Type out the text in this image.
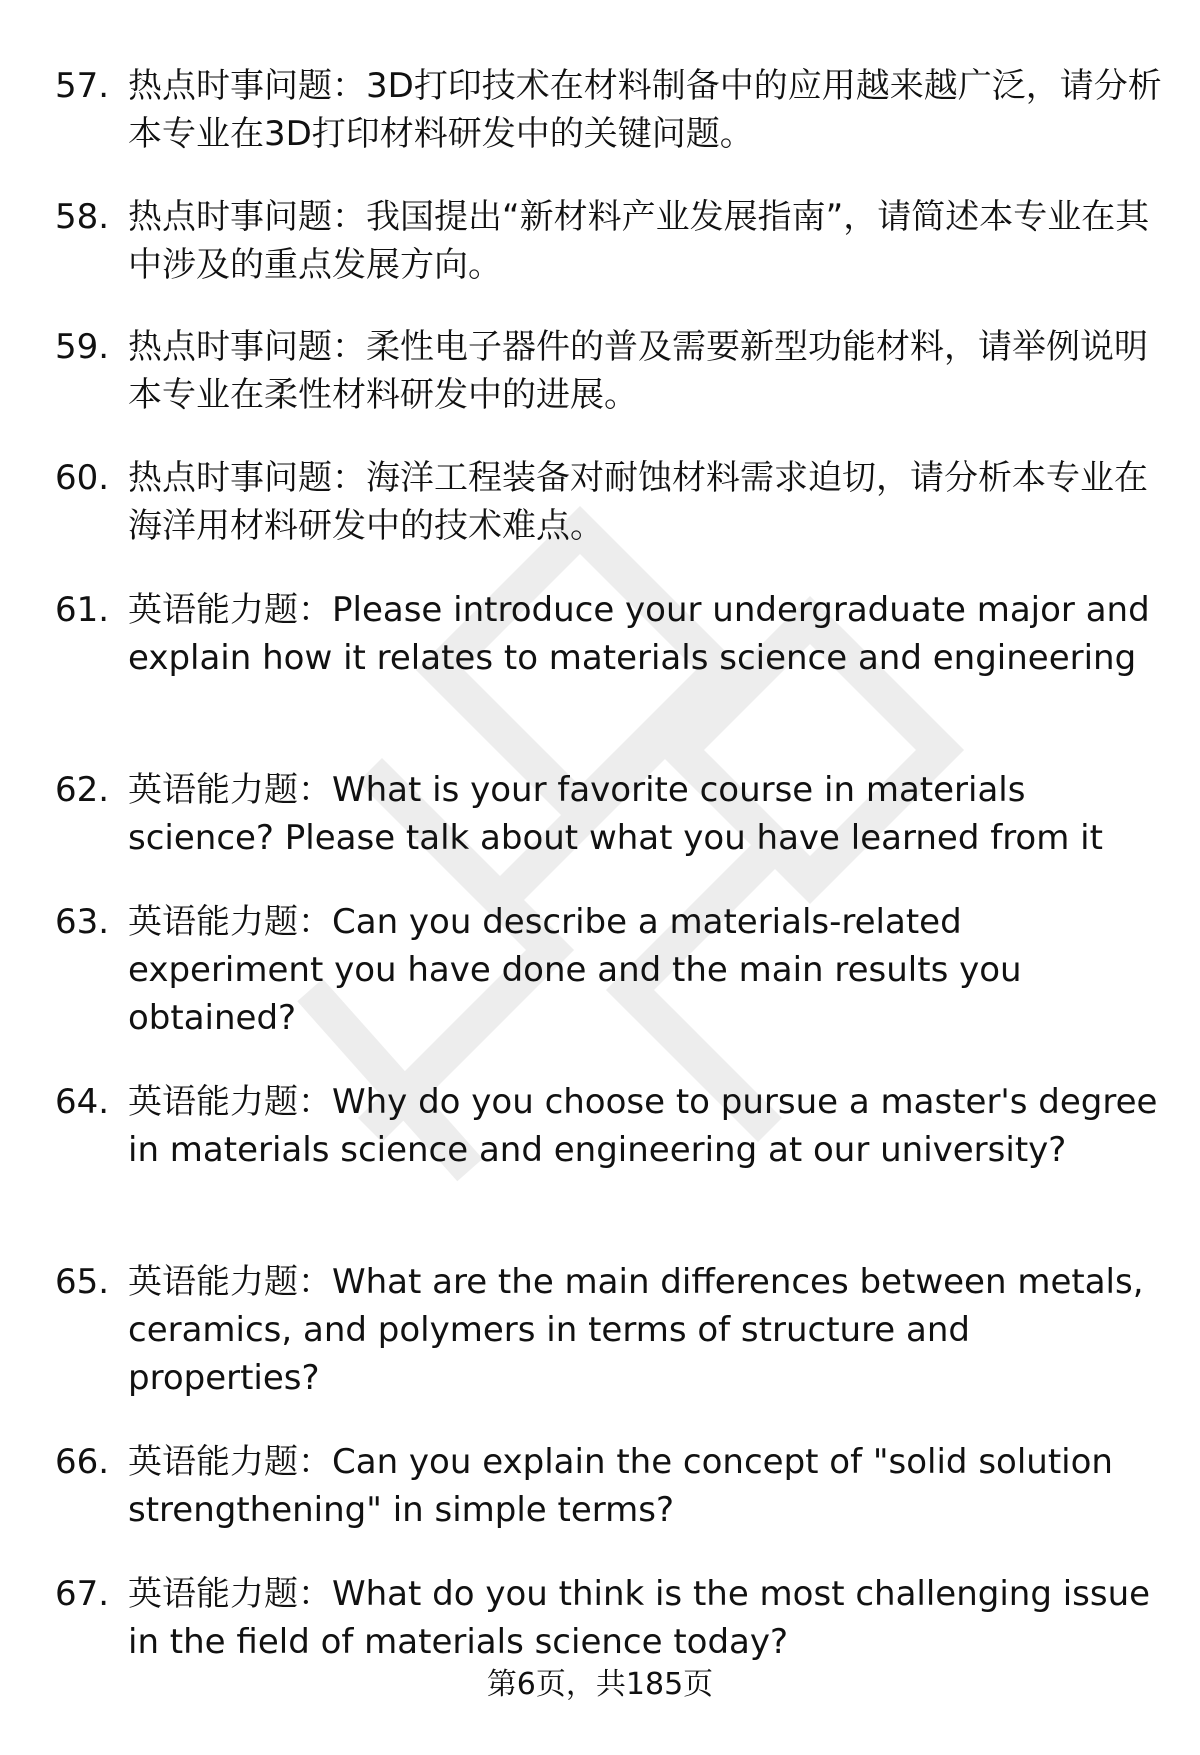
57. 热点时事问题：3D打印技术在材料制备中的应用越来越广泛，请分析本专业在3D打印材料研发中的关键问题。
58. 热点时事问题：我国提出“新材料产业发展指南”，请简述本专业在其中涉及的重点发展方向。
59. 热点时事问题：柔性电子器件的普及需要新型功能材料，请举例说明本专业在柔性材料研发中的进展。
60. 热点时事问题：海洋工程装备对耐蚀材料需求迫切，请分析本专业在海洋用材料研发中的技术难点。
61. 英语能力题：Please introduce your undergraduate major and explain how it relates to materials science and engineering
62. 英语能力题：What is your favorite course in materials science? Please talk about what you have learned from it
63. 英语能力题：Can you describe a materials-related experiment you have done and the main results you obtained?
64. 英语能力题：Why do you choose to pursue a master's degree in materials science and engineering at our university?
65. 英语能力题：What are the main differences between metals, ceramics, and polymers in terms of structure and properties?
66. 英语能力题：Can you explain the concept of "solid solution strengthening" in simple terms?
67. 英语能力题：What do you think is the most challenging issue in the field of materials science today?
第6页，共185页
